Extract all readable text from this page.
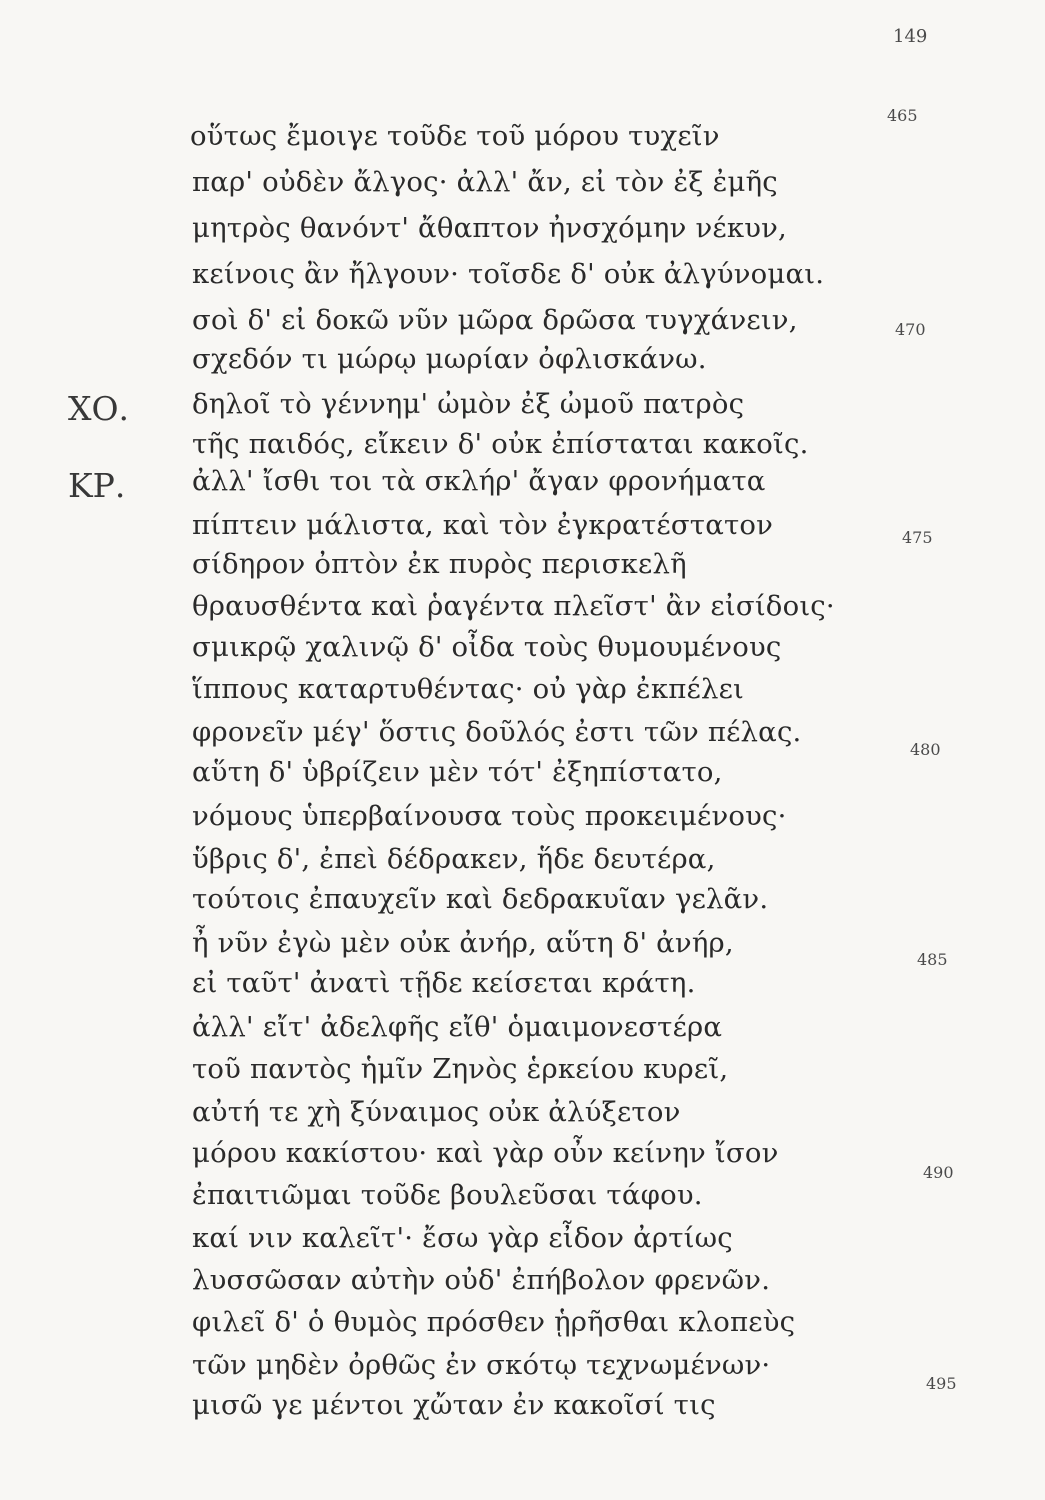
149
οὕτως ἔμοιγε τοῦδε τοῦ μόρου τυχεῖν
παρ' οὐδὲν ἄλγος· ἀλλ' ἄν, εἰ τὸν ἐξ ἐμῆς
μητρὸς θανόντ' ἄθαπτον ἠνσχόμην νέκυν,
κείνοις ἂν ἤλγουν· τοῖσδε δ' οὐκ ἀλγύνομαι.
σοὶ δ' εἰ δοκῶ νῦν μῶρα δρῶσα τυγχάνειν,
σχεδόν τι μώρῳ μωρίαν ὀφλισκάνω.
δηλοῖ τὸ γέννημ' ὠμὸν ἐξ ὠμοῦ πατρὸς
τῆς παιδός, εἴκειν δ' οὐκ ἐπίσταται κακοῖς.
ἀλλ' ἴσθι τοι τὰ σκλήρ' ἄγαν φρονήματα
πίπτειν μάλιστα, καὶ τὸν ἐγκρατέστατον
σίδηρον ὀπτὸν ἐκ πυρὸς περισκελῆ
θραυσθέντα καὶ ῥαγέντα πλεῖστ' ἂν εἰσίδοις·
σμικρῷ χαλινῷ δ' οἶδα τοὺς θυμουμένους
ἵππους καταρτυθέντας· οὐ γὰρ ἐκπέλει
φρονεῖν μέγ' ὅστις δοῦλός ἐστι τῶν πέλας.
αὕτη δ' ὑβρίζειν μὲν τότ' ἐξηπίστατο,
νόμους ὑπερβαίνουσα τοὺς προκειμένους·
ὕβρις δ', ἐπεὶ δέδρακεν, ἥδε δευτέρα,
τούτοις ἐπαυχεῖν καὶ δεδρακυῖαν γελᾶν.
ἦ νῦν ἐγὼ μὲν οὐκ ἀνήρ, αὕτη δ' ἀνήρ,
εἰ ταῦτ' ἀνατὶ τῇδε κείσεται κράτη.
ἀλλ' εἴτ' ἀδελφῆς εἴθ' ὁμαιμονεστέρα
τοῦ παντὸς ἡμῖν Ζηνὸς ἑρκείου κυρεῖ,
αὐτή τε χὴ ξύναιμος οὐκ ἀλύξετον
μόρου κακίστου· καὶ γὰρ οὖν κείνην ἴσον
ἐπαιτιῶμαι τοῦδε βουλεῦσαι τάφου.
καί νιν καλεῖτ'· ἔσω γὰρ εἶδον ἀρτίως
λυσσῶσαν αὐτὴν οὐδ' ἐπήβολον φρενῶν.
φιλεῖ δ' ὁ θυμὸς πρόσθεν ᾑρῆσθαι κλοπεὺς
τῶν μηδὲν ὀρθῶς ἐν σκότῳ τεχνωμένων·
μισῶ γε μέντοι χὤταν ἐν κακοῖσί τις
ΧΟ.
ΚΡ.
465
470
475
480
485
490
495
